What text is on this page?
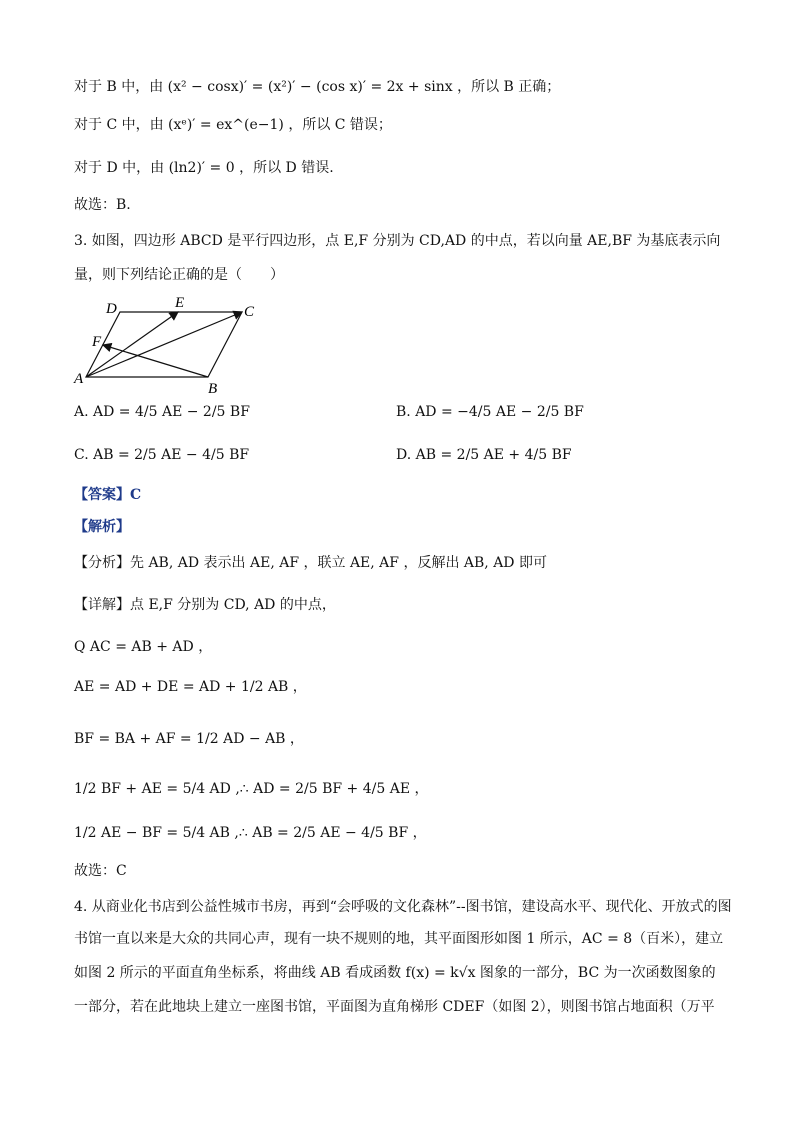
对于 B 中，由 (x² − cosx)′ = (x²)′ − (cos x)′ = 2x + sinx ，所以 B 正确；
对于 C 中，由 (xᵉ)′ = ex^(e−1) ，所以 C 错误；
对于 D 中，由 (ln2)′ = 0 ，所以 D 错误.
故选：B.
3. 如图，四边形 ABCD 是平行四边形，点 E,F 分别为 CD,AD 的中点，若以向量 AE,BF 为基底表示向
量，则下列结论正确的是（　　）
A
B
C
D	E
F
A. AD = 4/5 AE − 2/5 BF	B. AD = −4/5 AE − 2/5 BF
C. AB = 2/5 AE − 4/5 BF	D. AB = 2/5 AE + 4/5 BF
【答案】C
【解析】
【分析】先 AB, AD 表示出 AE, AF ，联立 AE, AF ，反解出 AB, AD 即可
【详解】点 E,F 分别为 CD, AD 的中点，
Q AC = AB + AD ，
AE = AD + DE = AD + 1/2 AB ，
BF = BA + AF = 1/2 AD − AB ，
1/2 BF + AE = 5/4 AD ,∴ AD = 2/5 BF + 4/5 AE ，
1/2 AE − BF = 5/4 AB ,∴ AB = 2/5 AE − 4/5 BF ，
故选：C
4. 从商业化书店到公益性城市书房，再到“会呼吸的文化森林”--图书馆，建设高水平、现代化、开放式的图
书馆一直以来是大众的共同心声，现有一块不规则的地，其平面图形如图 1 所示，AC = 8（百米），建立
如图 2 所示的平面直角坐标系，将曲线 AB 看成函数 f(x) = k√x 图象的一部分，BC 为一次函数图象的
一部分，若在此地块上建立一座图书馆，平面图为直角梯形 CDEF（如图 2），则图书馆占地面积（万平
